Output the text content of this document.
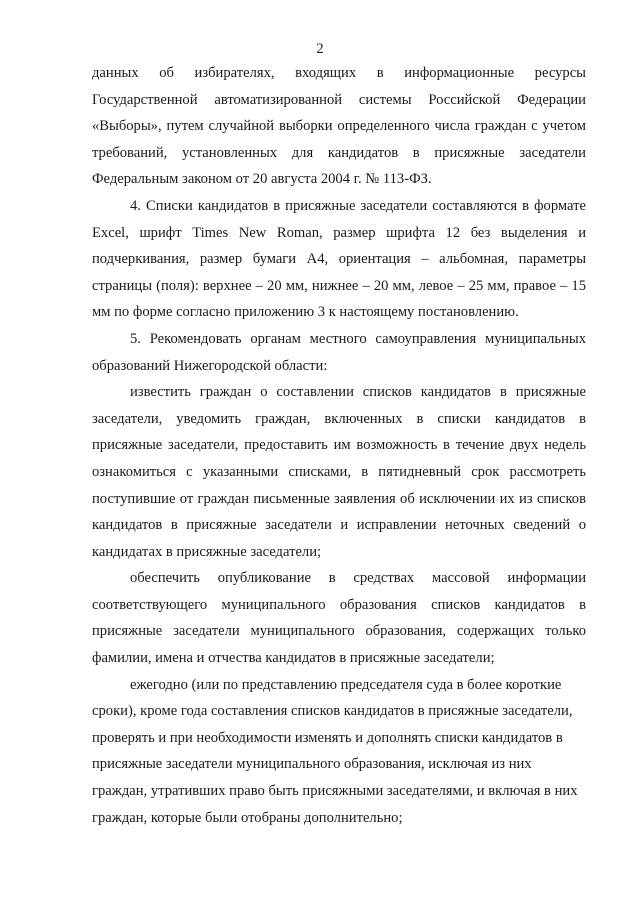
2

данных об избирателях, входящих в информационные ресурсы Государственной автоматизированной системы Российской Федерации «Выборы», путем случайной выборки определенного числа граждан с учетом требований, установленных для кандидатов в присяжные заседатели Федеральным законом от 20 августа 2004 г. № 113-ФЗ.

4. Списки кандидатов в присяжные заседатели составляются в формате Excel, шрифт Times New Roman, размер шрифта 12 без выделения и подчеркивания, размер бумаги А4, ориентация – альбомная, параметры страницы (поля): верхнее – 20 мм, нижнее – 20 мм, левое – 25 мм, правое – 15 мм по форме согласно приложению 3 к настоящему постановлению.

5. Рекомендовать органам местного самоуправления муниципальных образований Нижегородской области:

известить граждан о составлении списков кандидатов в присяжные заседатели, уведомить граждан, включенных в списки кандидатов в присяжные заседатели, предоставить им возможность в течение двух недель ознакомиться с указанными списками, в пятидневный срок рассмотреть поступившие от граждан письменные заявления об исключении их из списков кандидатов в присяжные заседатели и исправлении неточных сведений о кандидатах в присяжные заседатели;

обеспечить опубликование в средствах массовой информации соответствующего муниципального образования списков кандидатов в присяжные заседатели муниципального образования, содержащих только фамилии, имена и отчества кандидатов в присяжные заседатели;

ежегодно (или по представлению председателя суда в более короткие сроки), кроме года составления списков кандидатов в присяжные заседатели, проверять и при необходимости изменять и дополнять списки кандидатов в присяжные заседатели муниципального образования, исключая из них граждан, утративших право быть присяжными заседателями, и включая в них граждан, которые были отобраны дополнительно;
